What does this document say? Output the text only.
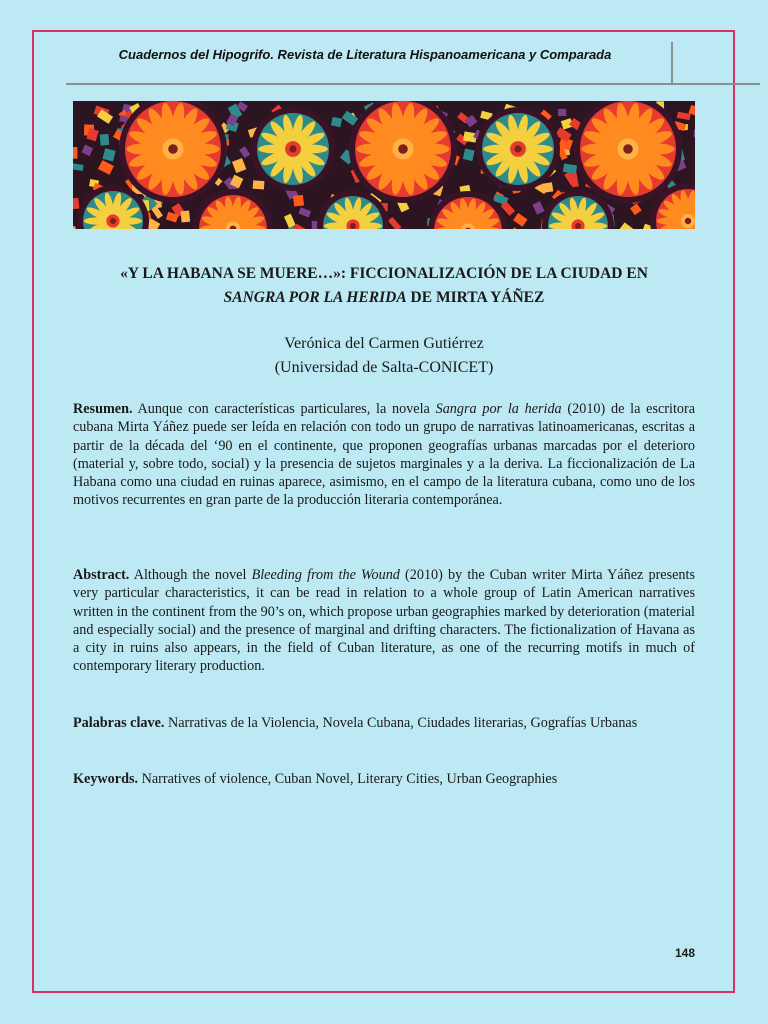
Cuadernos del Hipogrifo. Revista de Literatura Hispanoamericana y Comparada
«Y LA HABANA SE MUERE…»: FICCIONALIZACIÓN DE LA CIUDAD EN
SANGRA POR LA HERIDA DE MIRTA YÁÑEZ
Verónica del Carmen Gutiérrez
(Universidad de Salta-CONICET)
Resumen. Aunque con características particulares, la novela Sangra por la herida (2010) de la escritora cubana Mirta Yáñez puede ser leída en relación con todo un grupo de narrativas latinoamericanas, escritas a partir de la década del ‘90 en el continente, que proponen geografías urbanas marcadas por el deterioro (material y, sobre todo, social) y la presencia de sujetos marginales y a la deriva. La ficcionalización de La Habana como una ciudad en ruinas aparece, asimismo, en el campo de la literatura cubana, como uno de los motivos recurrentes en gran parte de la producción literaria contemporánea.
Abstract. Although the novel Bleeding from the Wound (2010) by the Cuban writer Mirta Yáñez presents very particular characteristics, it can be read in relation to a whole group of Latin American narratives written in the continent from the 90’s on, which propose urban geographies marked by deterioration (material and especially social) and the presence of marginal and drifting characters. The fictionalization of Havana as a city in ruins also appears, in the field of Cuban literature, as one of the recurring motifs in much of contemporary literary production.
Palabras clave. Narrativas de la Violencia, Novela Cubana, Ciudades literarias, Gografías Urbanas
Keywords. Narratives of violence, Cuban Novel, Literary Cities, Urban Geographies
148
